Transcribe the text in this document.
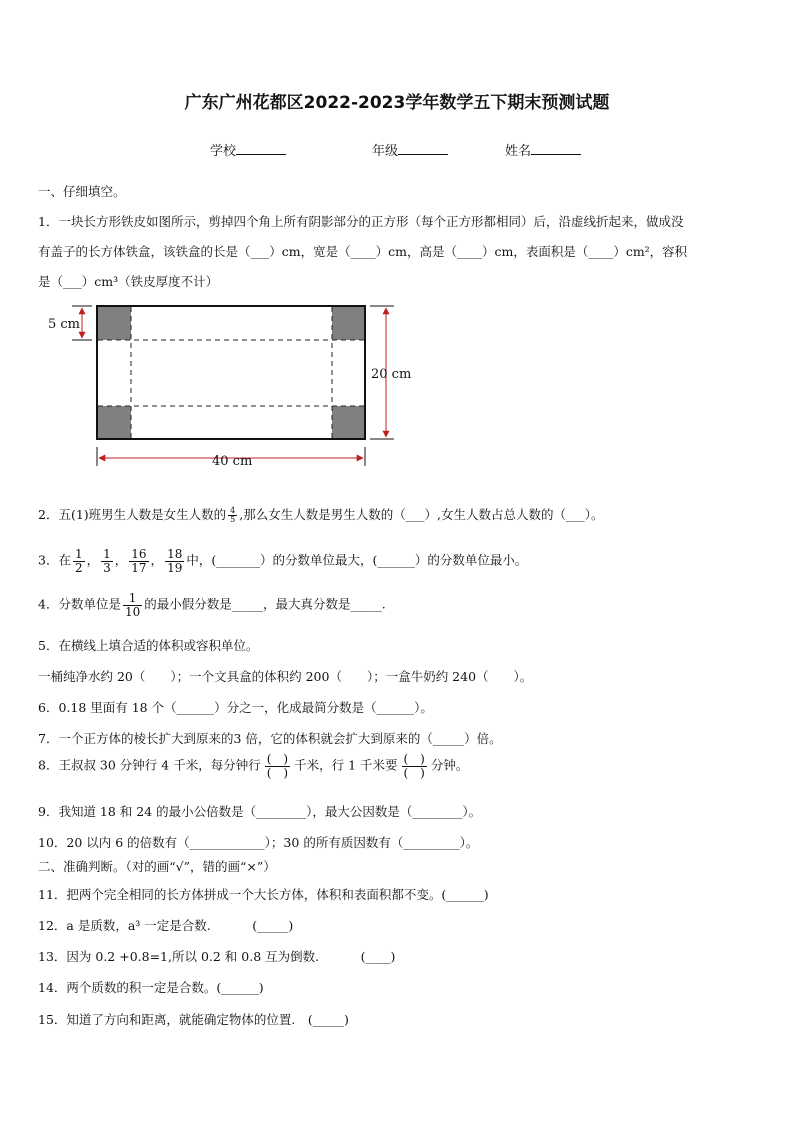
广东广州花都区2022-2023学年数学五下期末预测试题
学校	年级	姓名
一、仔细填空。
1．一块长方形铁皮如图所示，剪掉四个角上所有阴影部分的正方形（每个正方形都相同）后，沿虚线折起来，做成没
有盖子的长方体铁盒，该铁盒的长是（___）cm，宽是（____）cm，高是（____）cm，表面积是（____）cm²，容积
是（___）cm³（铁皮厚度不计）
5 cm
20 cm
40 cm
2．五(1)班男生人数是女生人数的 $\frac{4}{5}$ ,那么女生人数是男生人数的（___）,女生人数占总人数的（___）。
3．在 $\frac{1}{2}$ ， $\frac{1}{3}$ ， $\frac{16}{17}$ ， $\frac{18}{19}$ 中，(_______）的分数单位最大，(______）的分数单位最小。
4．分数单位是 $\frac{1}{10}$ 的最小假分数是_____，最大真分数是_____.
5．在横线上填合适的体积或容积单位。
一桶纯净水约 20（　　）；一个文具盒的体积约 200（　　）；一盒牛奶约 240（　　）。
6．0.18 里面有 18 个（______）分之一，化成最简分数是（______）。
7．一个正方体的棱长扩大到原来的3 倍，它的体积就会扩大到原来的（_____）倍。
8．王叔叔 30 分钟行 4 千米，每分钟行 $\frac{( )}{( )}$ 千米，行 1 千米要 $\frac{( )}{( )}$ 分钟。
9．我知道 18 和 24 的最小公倍数是（________），最大公因数是（________）。
10．20 以内 6 的倍数有（____________）；30 的所有质因数有（_________）。
二、准确判断。（对的画“√”，错的画“×”）
11．把两个完全相同的长方体拼成一个大长方体，体积和表面积都不变。(______)
12．a 是质数，a³ 一定是合数.　　　 (_____)
13．因为 0.2 +0.8=1,所以 0.2 和 0.8 互为倒数.　　　 (____)
14．两个质数的积一定是合数。(______)
15．知道了方向和距离，就能确定物体的位置.　(_____)
